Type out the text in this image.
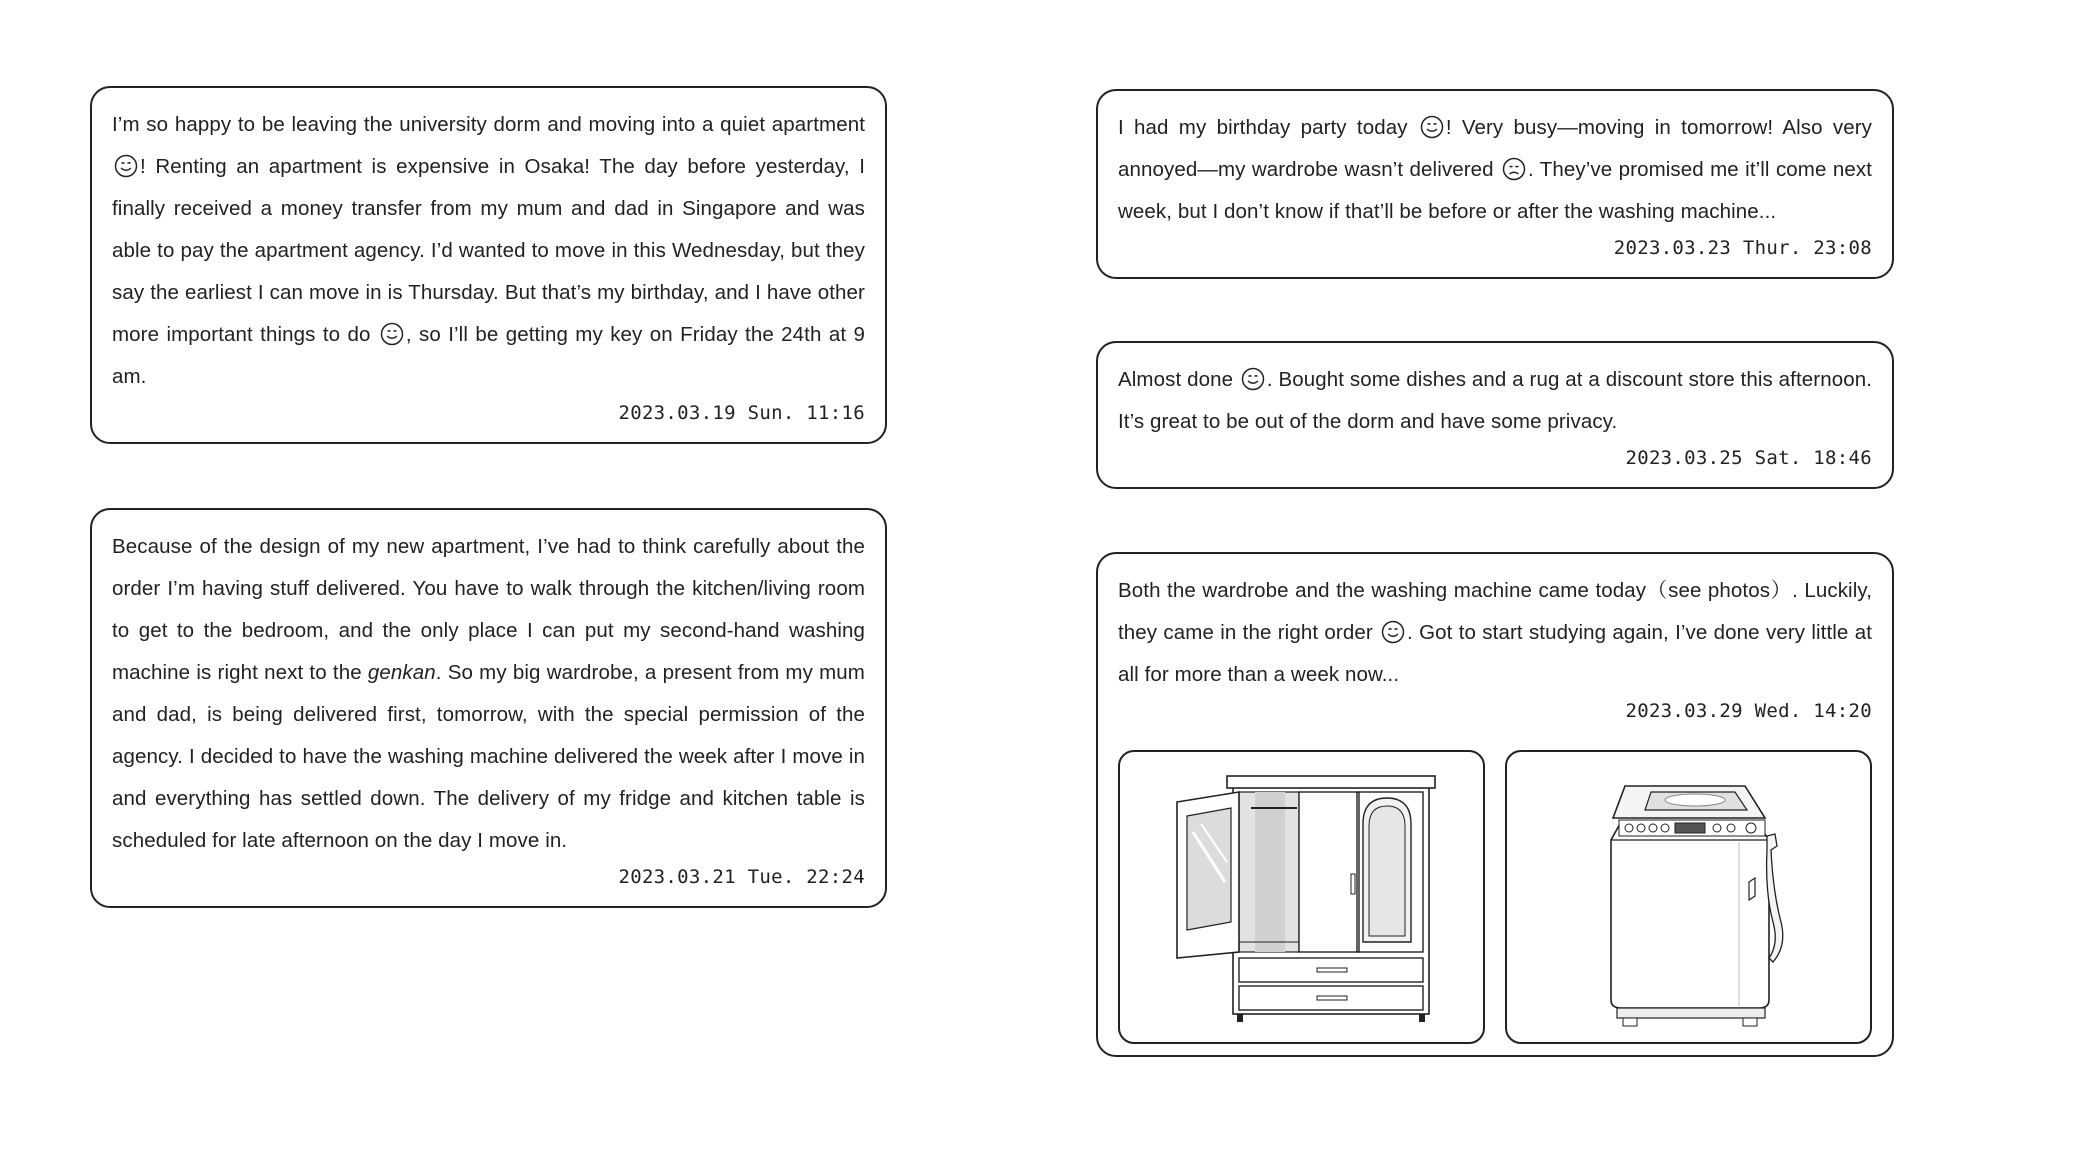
I’m so happy to be leaving the university dorm and moving into a quiet apartment ! Renting an apartment is expensive in Osaka! The day before yesterday, I finally received a money transfer from my mum and dad in Singapore and was able to pay the apartment agency. I’d wanted to move in this Wednesday, but they say the earliest I can move in is Thursday. But that’s my birthday, and I have other more important things to do , so I’ll be getting my key on Friday the 24th at 9 am.

2023.03.19 Sun. 11:16

Because of the design of my new apartment, I’ve had to think carefully about the order I’m having stuff delivered. You have to walk through the kitchen/living room to get to the bedroom, and the only place I can put my second-hand washing machine is right next to the genkan. So my big wardrobe, a present from my mum and dad, is being delivered first, tomorrow, with the special permission of the agency. I decided to have the washing machine delivered the week after I move in and everything has settled down. The delivery of my fridge and kitchen table is scheduled for late afternoon on the day I move in.

2023.03.21 Tue. 22:24

I had my birthday party today ! Very busy—moving in tomorrow! Also very annoyed—my wardrobe wasn’t delivered . They’ve promised me it’ll come next week, but I don’t know if that’ll be before or after the washing machine...

2023.03.23 Thur. 23:08

Almost done . Bought some dishes and a rug at a discount store this afternoon. It’s great to be out of the dorm and have some privacy.

2023.03.25 Sat. 18:46

Both the wardrobe and the washing machine came today（see photos）. Luckily, they came in the right order . Got to start studying again, I’ve done very little at all for more than a week now...

2023.03.29 Wed. 14:20
